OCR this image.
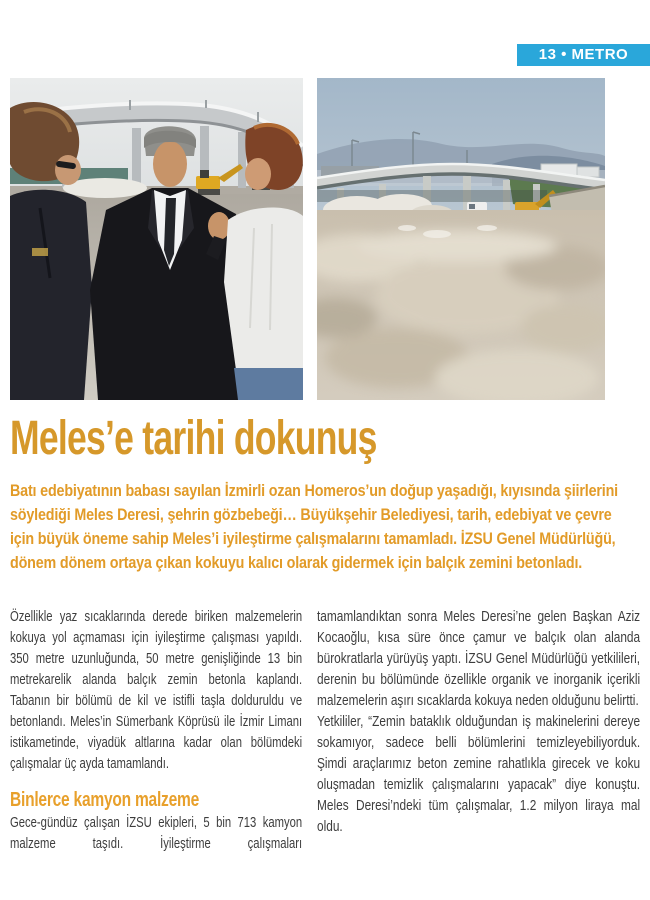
13 • METRO
Meles’e tarihi dokunuş

Batı edebiyatının babası sayılan İzmirli ozan Homeros’un doğup yaşadığı, kıyısında şiirlerini söylediği Meles Deresi, şehrin gözbebeği… Büyükşehir Belediyesi, tarih, edebiyat ve çevre için büyük öneme sahip Meles’i iyileştirme çalışmalarını tamamladı. İZSU Genel Müdürlüğü, dönem dönem ortaya çıkan kokuyu kalıcı olarak gidermek için balçık zemini betonladı.

Özellikle yaz sıcaklarında derede biriken malzemelerin kokuya yol açmaması için iyileştirme çalışması yapıldı. 350 metre uzunluğunda, 50 metre genişliğinde 13 bin metrekarelik alanda balçık zemin betonla kaplandı. Tabanın bir bölümü de kil ve istifli taşla dolduruldu ve betonlandı. Meles’in Sümerbank Köprüsü ile İzmir Limanı istikametinde, viyadük altlarına kadar olan bölümdeki çalışmalar üç ayda tamamlandı.

Binlerce kamyon malzeme

Gece-gündüz çalışan İZSU ekipleri, 5 bin 713 kamyon malzeme taşıdı. İyileştirme çalışmaları

tamamlandıktan sonra Meles Deresi’ne gelen Başkan Aziz Kocaoğlu, kısa süre önce çamur ve balçık olan alanda bürokratlarla yürüyüş yaptı. İZSU Genel Müdürlüğü yetkilileri, derenin bu bölümünde özellikle organik ve inorganik içerikli malzemelerin aşırı sıcaklarda kokuya neden olduğunu belirtti.

Yetkililer, “Zemin bataklık olduğundan iş makinelerini dereye sokamıyor, sadece belli bölümlerini temizleyebiliyorduk. Şimdi araçlarımız beton zemine rahatlıkla girecek ve koku oluşmadan temizlik çalışmalarını yapacak” diye konuştu. Meles Deresi’ndeki tüm çalışmalar, 1.2 milyon liraya mal oldu.
